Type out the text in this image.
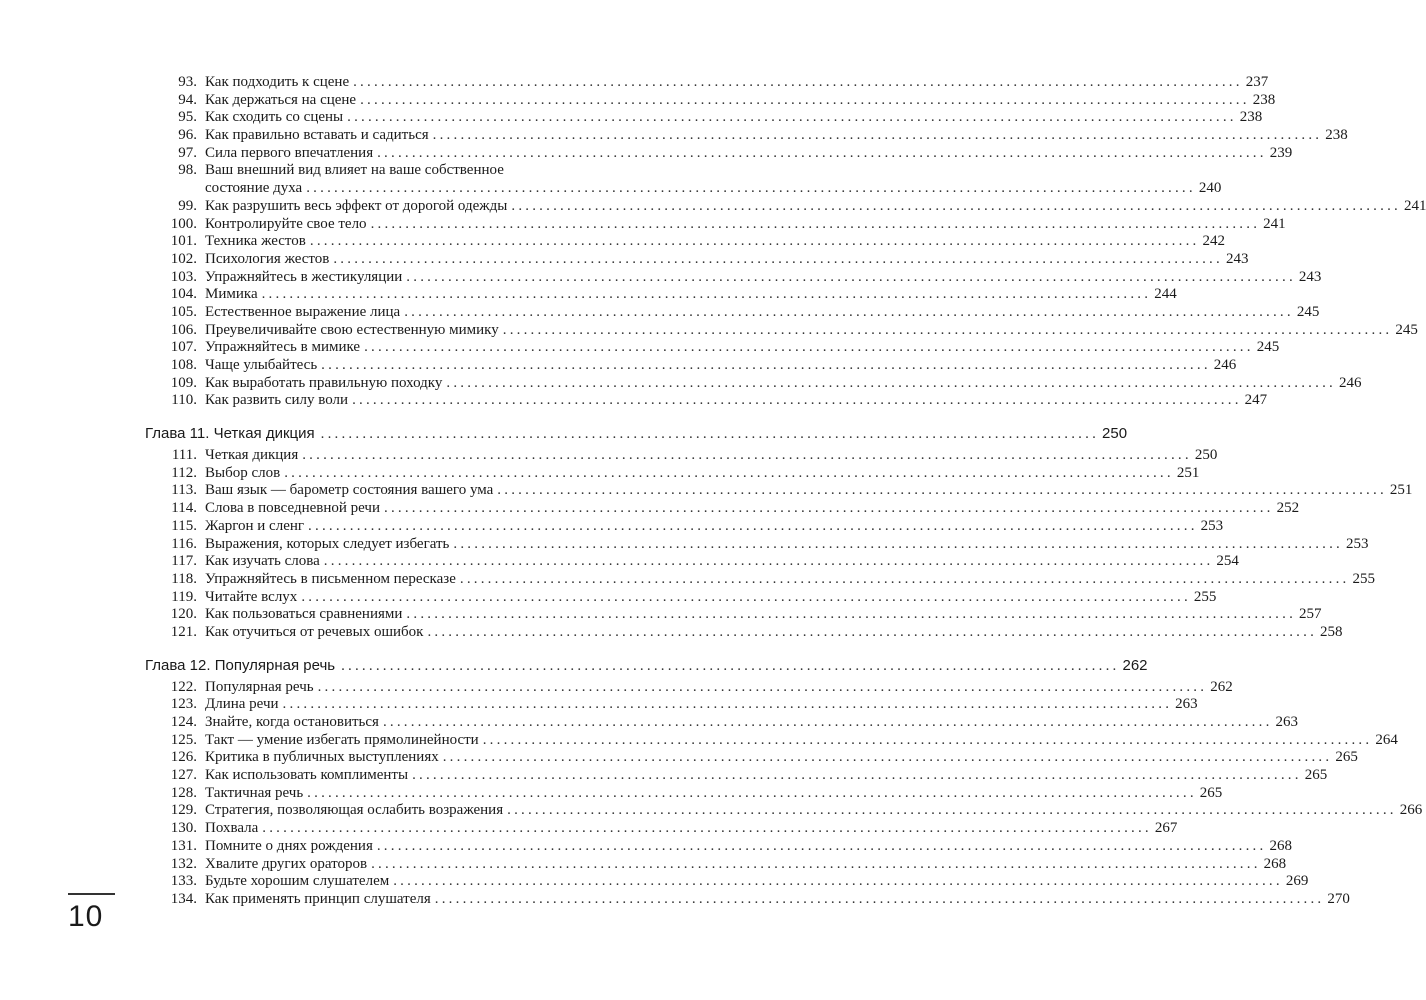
93. Как подходить к сцене ................................................................................................................................ 237
94. Как держаться на сцене ................................................................................................................................ 238
95. Как сходить со сцены ................................................................................................................................ 238
96. Как правильно вставать и садиться ................................................................................................................................ 238
97. Сила первого впечатления ................................................................................................................................ 239
98. Ваш внешний вид влияет на ваше собственное
состояние духа ................................................................................................................................ 240
99. Как разрушить весь эффект от дорогой одежды ................................................................................................................................ 241
100. Контролируйте свое тело ................................................................................................................................ 241
101. Техника жестов ................................................................................................................................ 242
102. Психология жестов ................................................................................................................................ 243
103. Упражняйтесь в жестикуляции ................................................................................................................................ 243
104. Мимика ................................................................................................................................ 244
105. Естественное выражение лица ................................................................................................................................ 245
106. Преувеличивайте свою естественную мимику ................................................................................................................................ 245
107. Упражняйтесь в мимике ................................................................................................................................ 245
108. Чаще улыбайтесь ................................................................................................................................ 246
109. Как выработать правильную походку ................................................................................................................................ 246
110. Как развить силу воли ................................................................................................................................ 247
Глава 11. Четкая дикция ................................................................................................................ 250
111. Четкая дикция ................................................................................................................................ 250
112. Выбор слов ................................................................................................................................ 251
113. Ваш язык — барометр состояния вашего ума ................................................................................................................................ 251
114. Слова в повседневной речи ................................................................................................................................ 252
115. Жаргон и сленг ................................................................................................................................ 253
116. Выражения, которых следует избегать ................................................................................................................................ 253
117. Как изучать слова ................................................................................................................................ 254
118. Упражняйтесь в письменном пересказе ................................................................................................................................ 255
119. Читайте вслух ................................................................................................................................ 255
120. Как пользоваться сравнениями ................................................................................................................................ 257
121. Как отучиться от речевых ошибок ................................................................................................................................ 258
Глава 12. Популярная речь ................................................................................................................ 262
122. Популярная речь ................................................................................................................................ 262
123. Длина речи ................................................................................................................................ 263
124. Знайте, когда остановиться ................................................................................................................................ 263
125. Такт — умение избегать прямолинейности ................................................................................................................................ 264
126. Критика в публичных выступлениях ................................................................................................................................ 265
127. Как использовать комплименты ................................................................................................................................ 265
128. Тактичная речь ................................................................................................................................ 265
129. Стратегия, позволяющая ослабить возражения ................................................................................................................................ 266
130. Похвала ................................................................................................................................ 267
131. Помните о днях рождения ................................................................................................................................ 268
132. Хвалите других ораторов ................................................................................................................................ 268
133. Будьте хорошим слушателем ................................................................................................................................ 269
134. Как применять принцип слушателя ................................................................................................................................ 270
10
